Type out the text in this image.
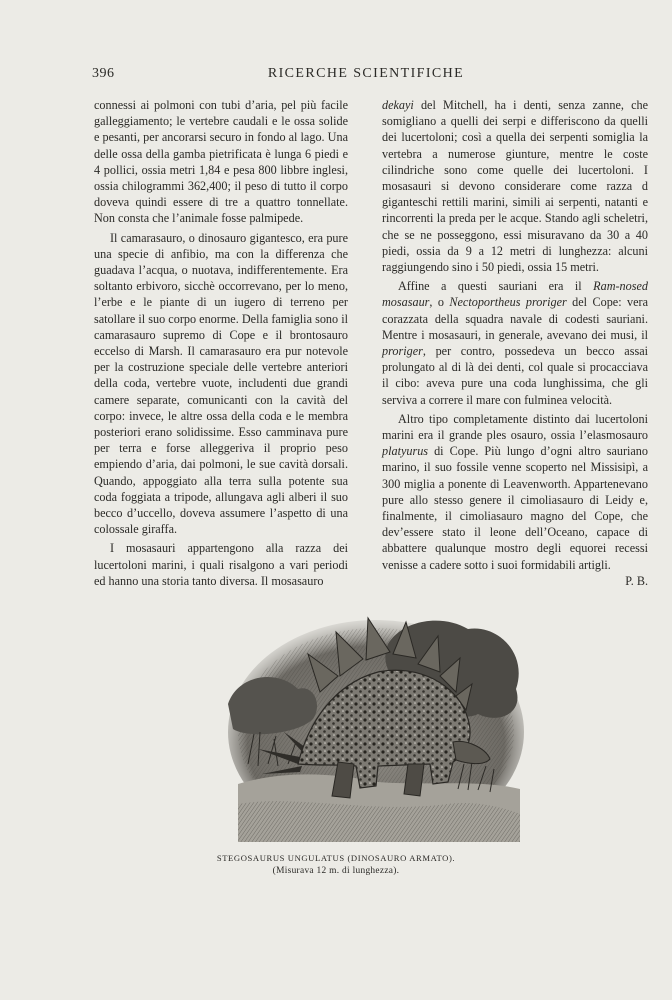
396	RICERCHE SCIENTIFICHE

connessi ai polmoni con tubi d’aria, pel più facile galleggiamento; le vertebre caudali e le ossa solide e pesanti, per ancorarsi securo in fondo al lago. Una delle ossa della gamba pietrificata è lunga 6 piedi e 4 pollici, ossia metri 1,84 e pesa 800 libbre inglesi, ossia chilogrammi 362,400; il peso di tutto il corpo doveva quindi essere di tre a quattro tonnellate. Non consta che l’animale fosse palmipede.

Il camarasauro, o dinosauro gigantesco, era pure una specie di anfibio, ma con la differenza che guadava l’acqua, o nuotava, indifferentemente. Era soltanto erbivoro, sicchè occorrevano, per lo meno, l’erbe e le piante di un iugero di terreno per satollare il suo corpo enorme. Della famiglia sono il camarasauro supremo di Cope e il brontosauro eccelso di Marsh. Il camarasauro era pur notevole per la costruzione speciale delle vertebre anteriori della coda, vertebre vuote, includenti due grandi camere separate, comunicanti con la cavità del corpo: invece, le altre ossa della coda e le membra posteriori erano solidissime. Esso camminava pure per terra e forse alleggeriva il proprio peso empiendo d’aria, dai polmoni, le sue cavità dorsali. Quando, appoggiato alla terra sulla potente sua coda foggiata a tripode, allungava agli alberi il suo becco d’uccello, doveva assumere l’aspetto di una colossale giraffa.

I mosasauri appartengono alla razza dei lucertoloni marini, i quali risalgono a vari periodi ed hanno una storia tanto diversa. Il mosasauro

dekayi del Mitchell, ha i denti, senza zanne, che somigliano a quelli dei serpi e differiscono da quelli dei lucertoloni; così a quella dei serpenti somiglia la vertebra a numerose giunture, mentre le coste cilindriche sono come quelle dei lucertoloni. I mosasauri si devono considerare come razza d giganteschi rettili marini, simili ai serpenti, natanti e rincorrenti la preda per le acque. Standο agli scheletri, che se ne posseggono, essi misuravano da 30 a 40 piedi, ossia da 9 a 12 metri di lunghezza: alcuni raggiungendo sino i 50 piedi, ossia 15 metri.

Affine a questi sauriani era il Ram-nosed mosasaur, o Nectoportheus proriger del Cope: vera corazzata della squadra navale di codesti sauriani. Mentre i mosasauri, in generale, avevano dei musi, il proriger, per contro, possedeva un becco assai prolungato al di là dei denti, col quale si procacciava il cibo: aveva pure una coda lunghissima, che gli serviva a correre il mare con fulminea velocità.

Altro tipo completamente distinto dai lucertoloni marini era il grande ples osauro, ossia l’elasmosauro platyurus di Cope. Più lungo d’ogni altro sauriano marino, il suo fossile venne scoperto nel Missisipì, a 300 miglia a ponente di Leavenworth. Appartenevano pure allo stesso genere il cimoliasauro di Leidy e, finalmente, il cimoliasauro magno del Cope, che dev’essere stato il leone dell’Oceano, capace di abbattere qualunque mostro degli equorei recessi venisse a cadere sotto i suoi formidabili artigli.
P. B.

STEGOSAURUS UNGULATUS (DINOSAURO ARMATO).
(Misurava 12 m. di lunghezza).
